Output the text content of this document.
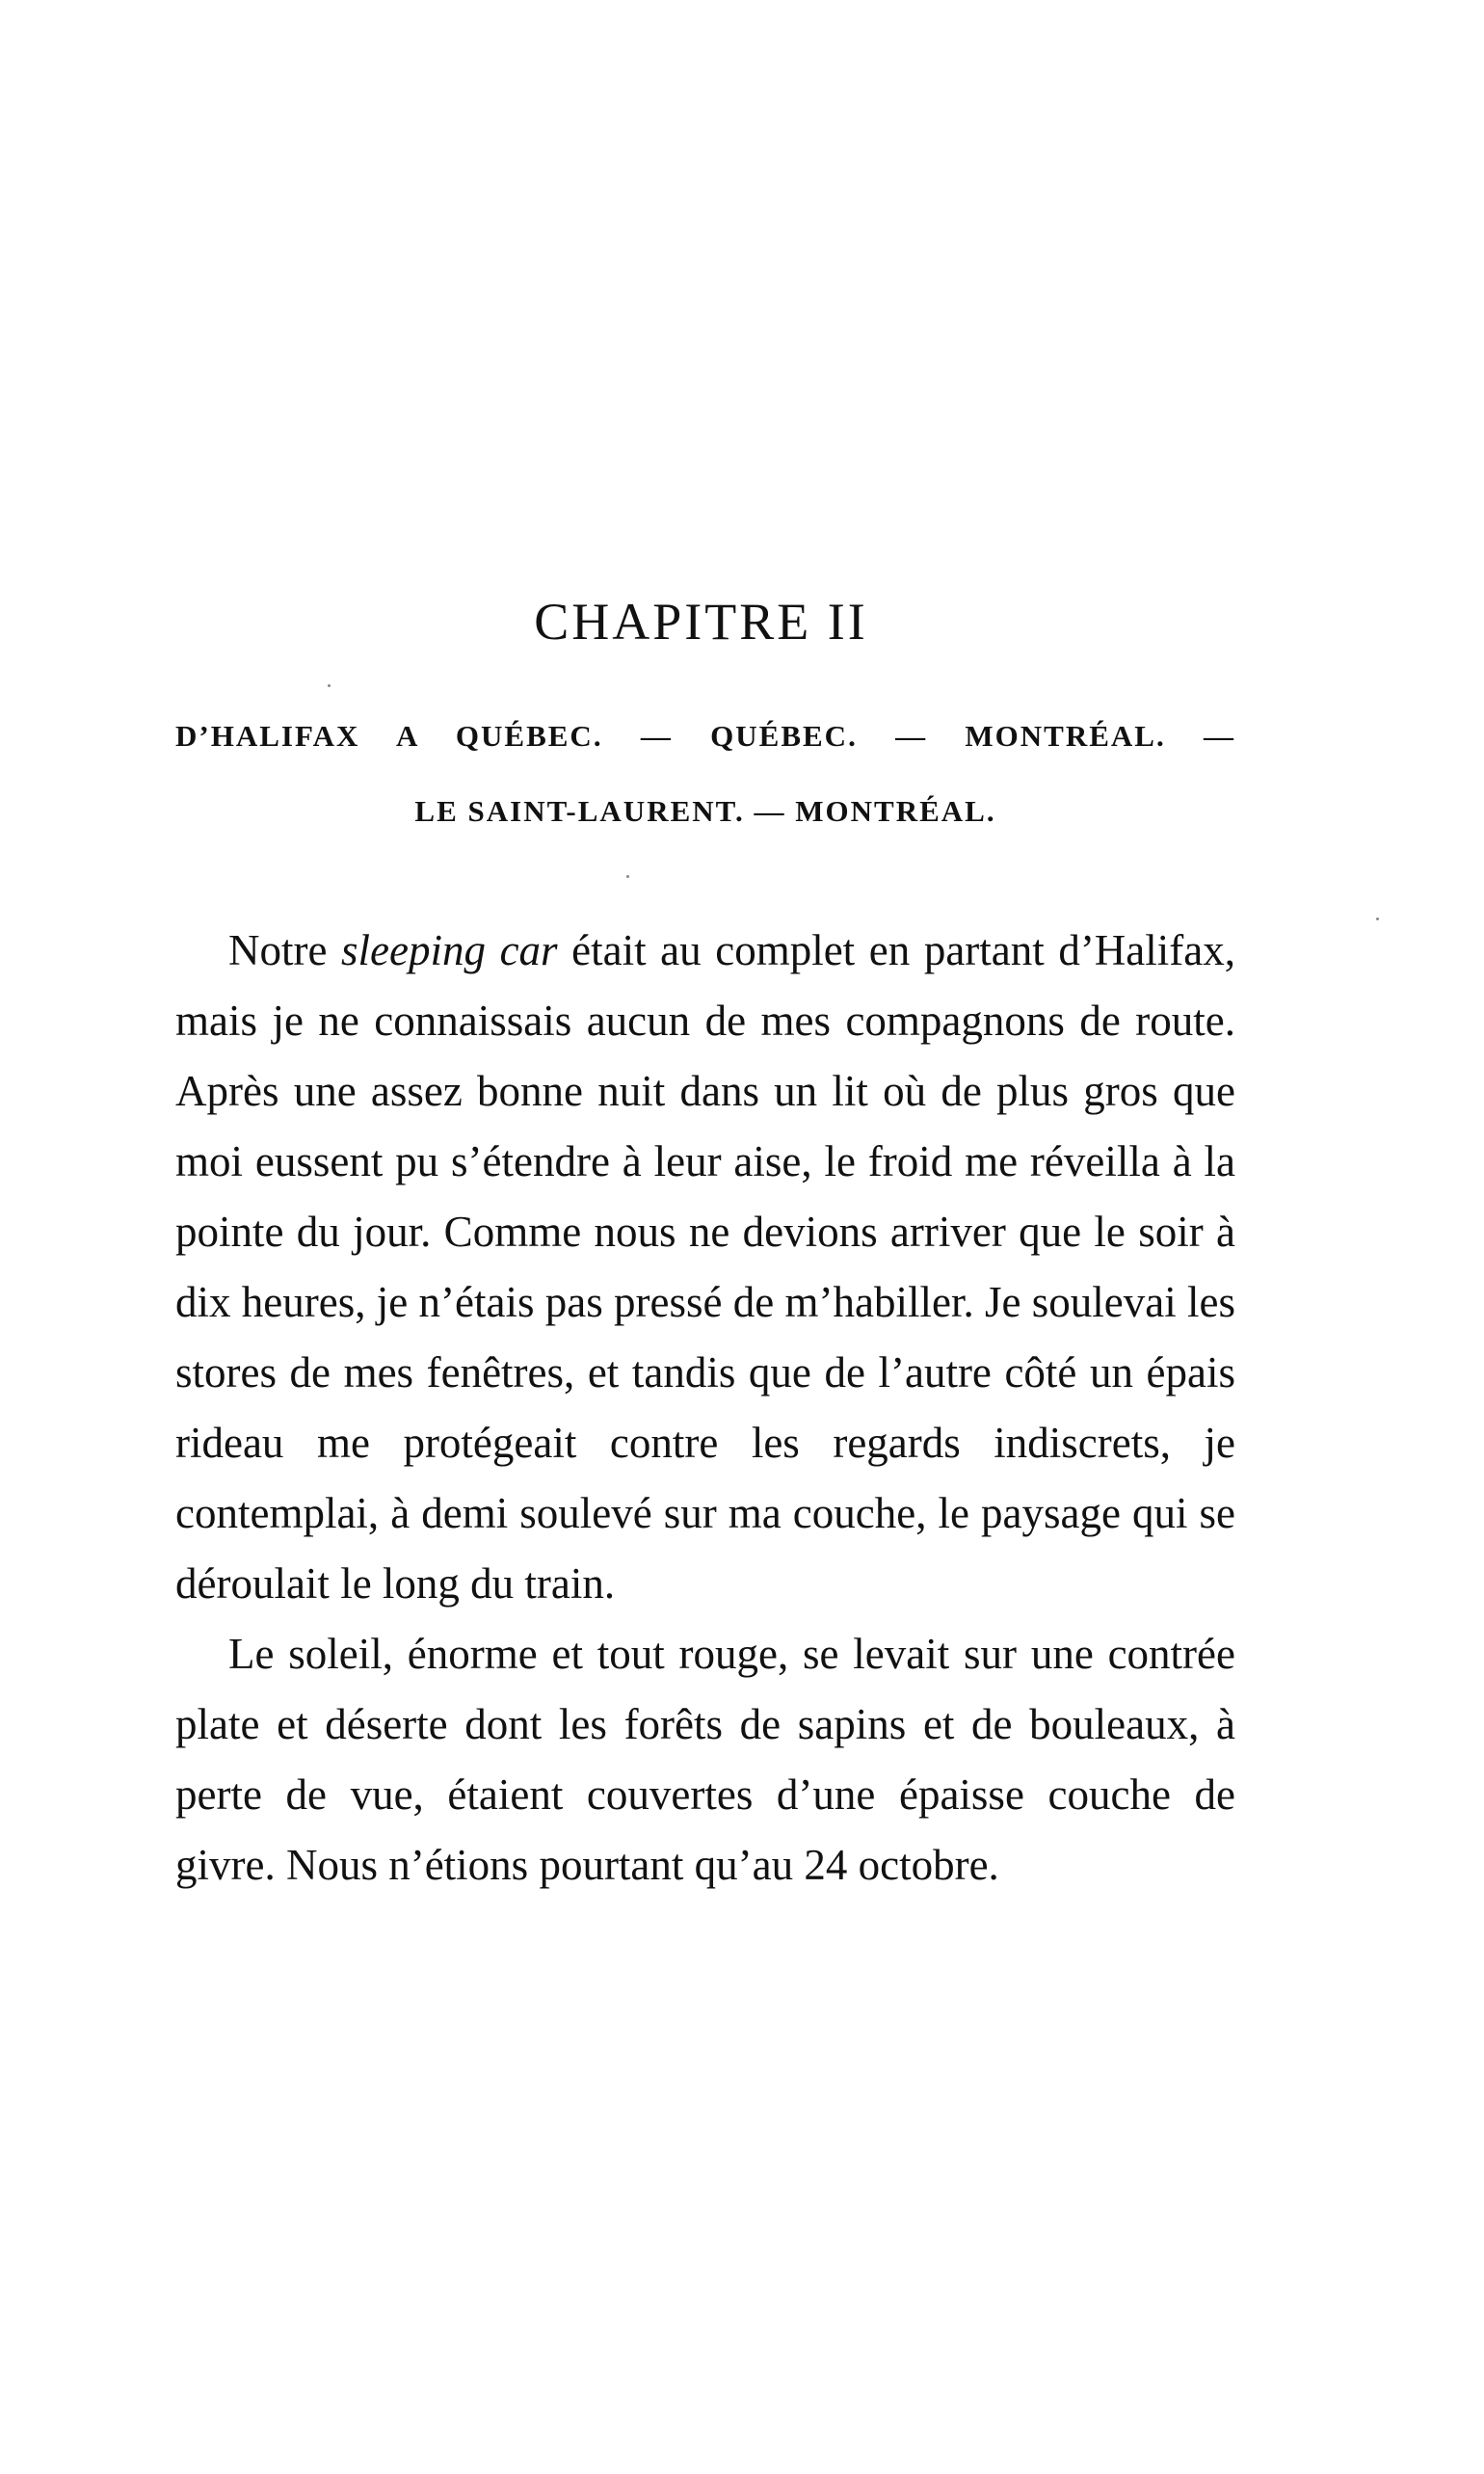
CHAPITRE II
D’HALIFAX A QUÉBEC. — QUÉBEC. — MONTRÉAL. —
LE SAINT-LAURENT. — MONTRÉAL.

Notre sleeping car était au complet en partant d’Halifax, mais je ne connaissais aucun de mes compagnons de route. Après une assez bonne nuit dans un lit où de plus gros que moi eussent pu s’étendre à leur aise, le froid me réveilla à la pointe du jour. Comme nous ne devions arriver que le soir à dix heures, je n’étais pas pressé de m’habiller. Je soulevai les stores de mes fenêtres, et tandis que de l’autre côté un épais rideau me protégeait contre les regards indiscrets, je contemplai, à demi soulevé sur ma couche, le paysage qui se déroulait le long du train.

Le soleil, énorme et tout rouge, se levait sur une contrée plate et déserte dont les forêts de sapins et de bouleaux, à perte de vue, étaient couvertes d’une épaisse couche de givre. Nous n’étions pourtant qu’au 24 octobre.
